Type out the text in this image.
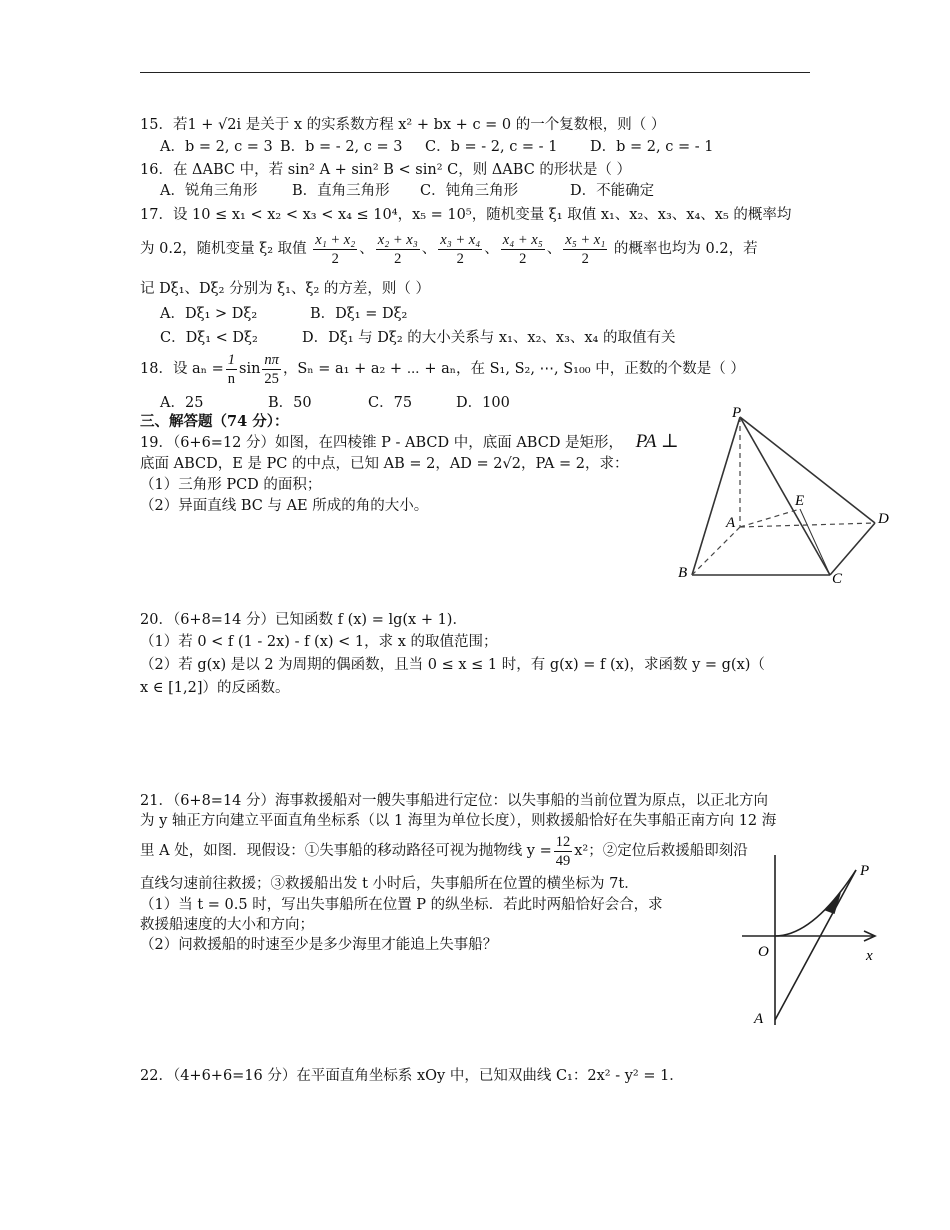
15．若1 + √2i 是关于 x 的实系数方程 x² + bx + c = 0 的一个复数根，则（ ）
A．b = 2, c = 3 B．b = - 2, c = 3 C．b = - 2, c = - 1 D．b = 2, c = - 1
16．在 ΔABC 中，若 sin² A + sin² B < sin² C，则 ΔABC 的形状是（ ）
A．锐角三角形 B．直角三角形 C．钝角三角形	D．不能确定
17．设 10 ≤ x₁ < x₂ < x₃ < x₄ ≤ 10⁴，x₅ = 10⁵，随机变量 ξ₁ 取值 x₁、x₂、x₃、x₄、x₅ 的概率均
为 0.2，随机变量 ξ₂ 取值 $\frac{\text{x₁ + x₂}}{2}$ 、 $\frac{\text{x₂ + x₃}}{2}$ 、 $\frac{\text{x₃ + x₄}}{2}$ 、 $\frac{\text{x₄ + x₅}}{2}$ 、 $\frac{\text{x₅ + x₁}}{2}$ 的概率也均为 0.2，若
记 Dξ₁、Dξ₂ 分别为 ξ₁、ξ₂ 的方差，则（ ）
A．Dξ₁ > Dξ₂	B．Dξ₁ = Dξ₂
C．Dξ₁ < Dξ₂	D．Dξ₁ 与 Dξ₂ 的大小关系与 x₁、x₂、x₃、x₄ 的取值有关
18．设 $a_n = \frac{1}{n}$ $\sin \frac{n\pi}{25}$ ，Sₙ = a₁ + a₂ + ⋯ + aₙ，在 S₁, S₂, ⋯, S₁₀₀ 中，正数的个数是（ ）
A．25	B．50	C．75	D．100
三、解答题（74 分）：
19．（6+6=12 分）如图，在四棱锥 P - ABCD 中，底面 ABCD 是矩形， PA ⊥
底面 ABCD，E 是 PC 的中点，已知 AB = 2，AD = 2√2，PA = 2，求：
（1）三角形 PCD 的面积；
（2）异面直线 BC 与 AE 所成的角的大小。
P
A
B	C
D
E
20．（6+8=14 分）已知函数 f (x) = lg(x + 1)．
（1）若 0 < f (1 - 2x) - f (x) < 1，求 x 的取值范围；
（2）若 g(x) 是以 2 为周期的偶函数，且当 0 ≤ x ≤ 1 时，有 g(x) = f (x)，求函数 y = g(x)（
x ∈ [1,2]）的反函数。
21．（6+8=14 分）海事救援船对一艘失事船进行定位：以失事船的当前位置为原点，以正北方向
为 y 轴正方向建立平面直角坐标系（以 1 海里为单位长度），则救援船恰好在失事船正南方向 12 海
里 A 处，如图．现假设：①失事船的移动路径可视为抛物线 $y = \frac{12}{49} x^2$；②定位后救援船即刻沿
直线匀速前往救援；③救援船出发 t 小时后，失事船所在位置的横坐标为 7t．
（1）当 t = 0.5 时，写出失事船所在位置 P 的纵坐标．若此时两船恰好会合，求
救援船速度的大小和方向；
（2）问救援船的时速至少是多少海里才能追上失事船？
P
O	x
A
22．（4+6+6=16 分）在平面直角坐标系 xOy 中，已知双曲线 C₁：2x² - y² = 1．
